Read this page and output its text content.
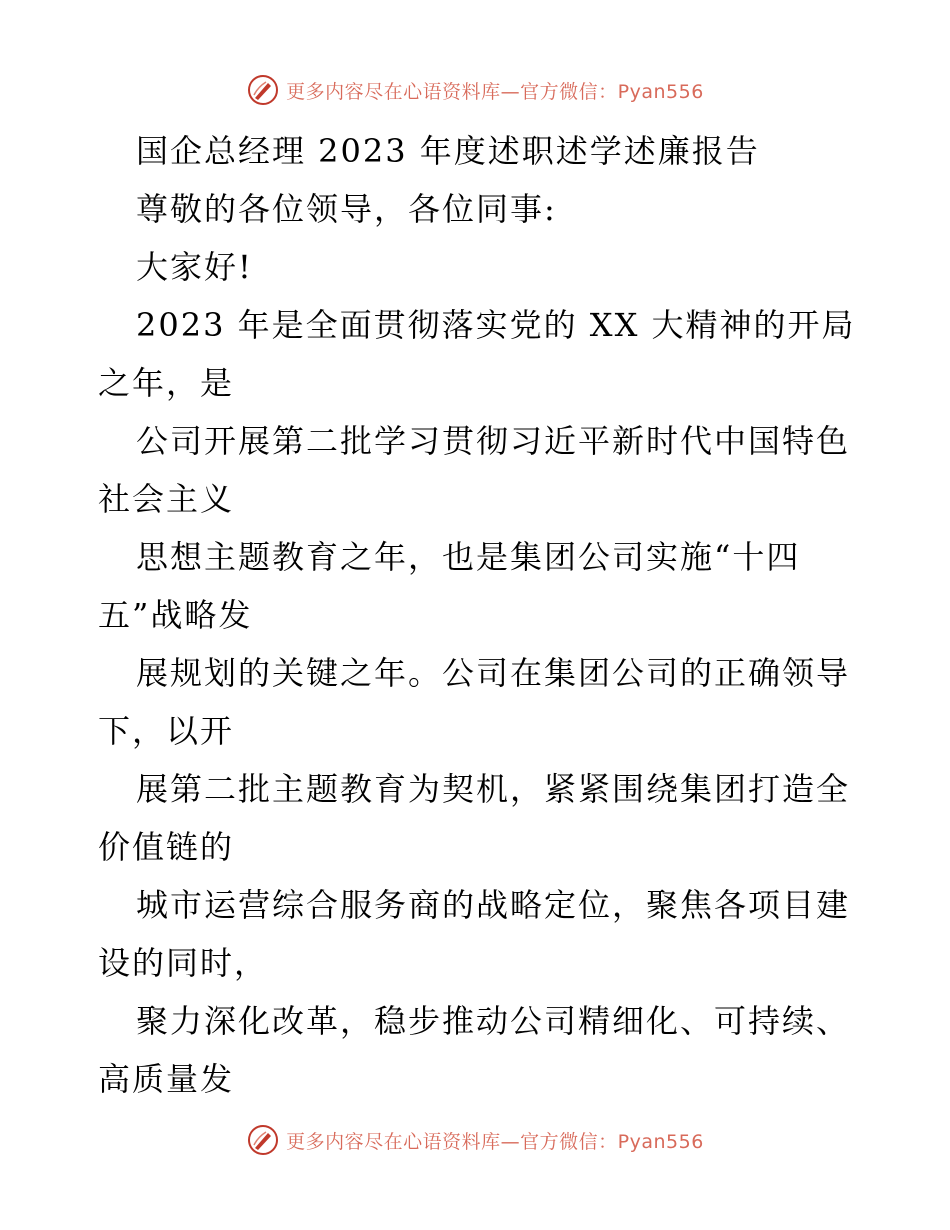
更多内容尽在心语资料库—官方微信：Pyan556
国企总经理 2023 年度述职述学述廉报告
尊敬的各位领导，各位同事:
大家好!
2023 年是全面贯彻落实党的 XX 大精神的开局
之年，是
公司开展第二批学习贯彻习近平新时代中国特色
社会主义
思想主题教育之年，也是集团公司实施“十四
五”战略发
展规划的关键之年。公司在集团公司的正确领导
下，以开
展第二批主题教育为契机，紧紧围绕集团打造全
价值链的
城市运营综合服务商的战略定位，聚焦各项目建
设的同时，
聚力深化改革，稳步推动公司精细化、可持续、
高质量发
更多内容尽在心语资料库—官方微信：Pyan556
